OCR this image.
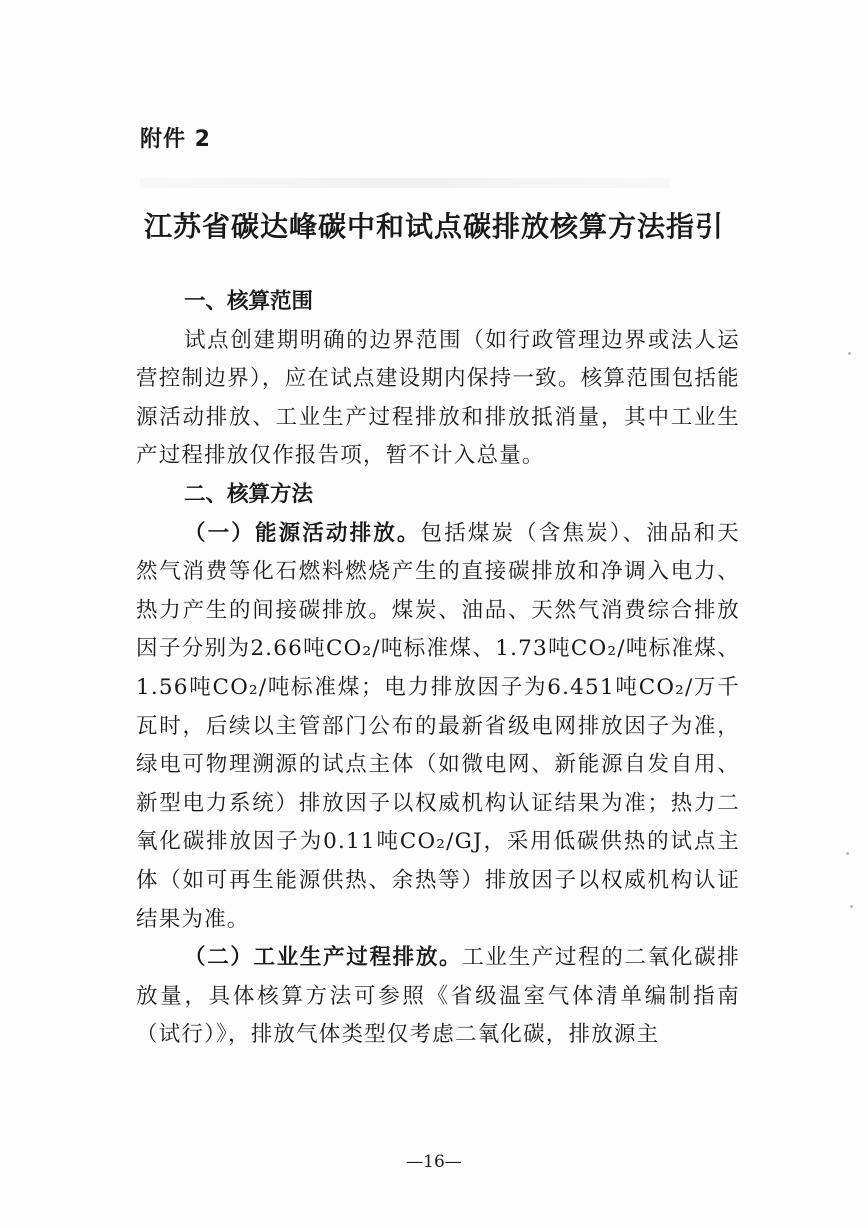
附件 2
江苏省碳达峰碳中和试点碳排放核算方法指引
一、核算范围

试点创建期明确的边界范围（如行政管理边界或法人运营控制边界），应在试点建设期内保持一致。核算范围包括能源活动排放、工业生产过程排放和排放抵消量，其中工业生产过程排放仅作报告项，暂不计入总量。

二、核算方法

（一）能源活动排放。包括煤炭（含焦炭）、油品和天然气消费等化石燃料燃烧产生的直接碳排放和净调入电力、热力产生的间接碳排放。煤炭、油品、天然气消费综合排放因子分别为2.66吨CO₂/吨标准煤、1.73吨CO₂/吨标准煤、1.56吨CO₂/吨标准煤；电力排放因子为6.451吨CO₂/万千瓦时，后续以主管部门公布的最新省级电网排放因子为准，绿电可物理溯源的试点主体（如微电网、新能源自发自用、新型电力系统）排放因子以权威机构认证结果为准；热力二氧化碳排放因子为0.11吨CO₂/GJ，采用低碳供热的试点主体（如可再生能源供热、余热等）排放因子以权威机构认证结果为准。

（二）工业生产过程排放。工业生产过程的二氧化碳排放量，具体核算方法可参照《省级温室气体清单编制指南（试行）》，排放气体类型仅考虑二氧化碳，排放源主

—16—
